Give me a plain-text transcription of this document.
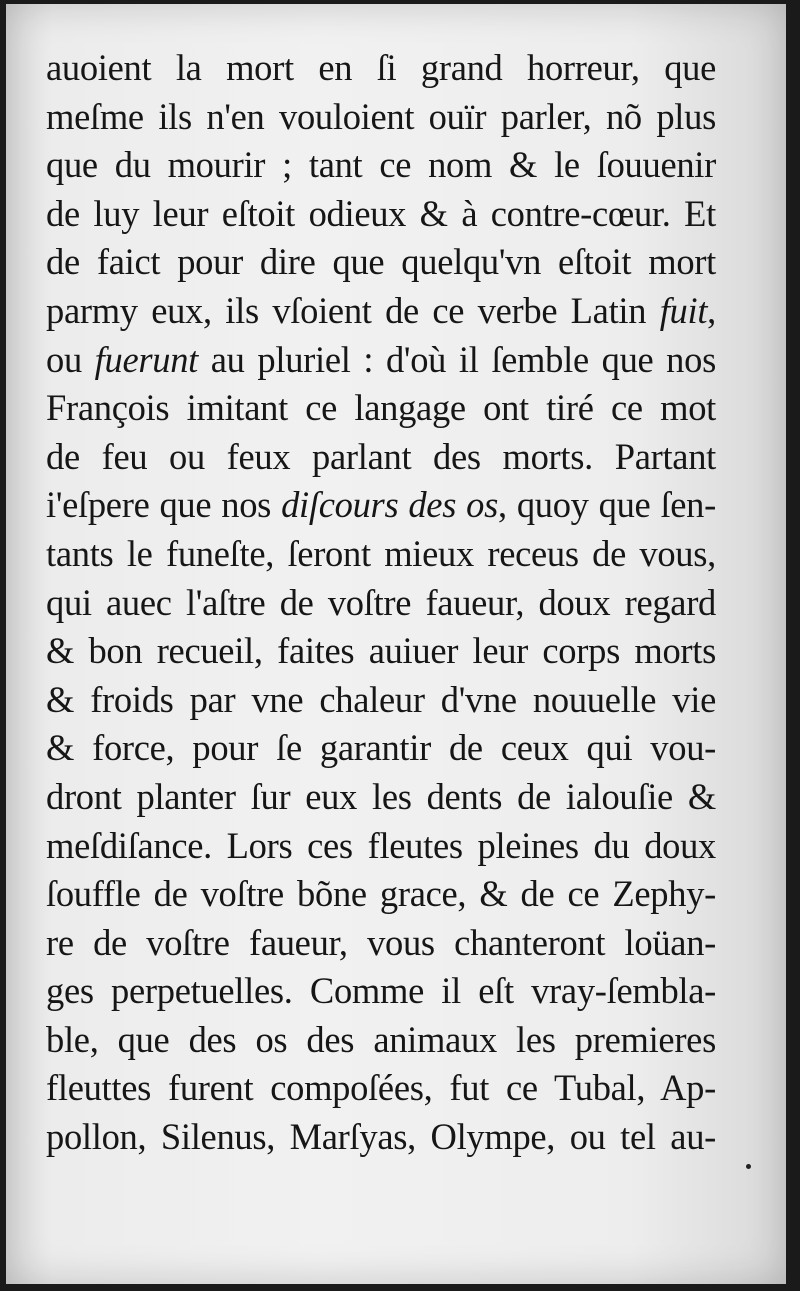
auoient la mort en ſi grand horreur, que
meſme ils n'en vouloient ouïr parler, nõ plus
que du mourir ; tant ce nom & le ſouuenir
de luy leur eſtoit odieux & à contre-cœur. Et
de faict pour dire que quelqu'vn eſtoit mort
parmy eux, ils vſoient de ce verbe Latin fuit,
ou fuerunt au pluriel : d'où il ſemble que nos
François imitant ce langage ont tiré ce mot
de feu ou feux parlant des morts. Partant
i'eſpere que nos diſcours des os, quoy que ſen-
tants le funeſte, ſeront mieux receus de vous,
qui auec l'aſtre de voſtre faueur, doux regard
& bon recueil, faites auiuer leur corps morts
& froids par vne chaleur d'vne nouuelle vie
& force, pour ſe garantir de ceux qui vou-
dront planter ſur eux les dents de ialouſie &
meſdiſance. Lors ces fleutes pleines du doux
ſouffle de voſtre bõne grace, & de ce Zephy-
re de voſtre faueur, vous chanteront loüan-
ges perpetuelles. Comme il eſt vray-ſembla-
ble, que des os des animaux les premieres
fleuttes furent compoſées, fut ce Tubal, Ap-
pollon, Silenus, Marſyas, Olympe, ou tel au-
